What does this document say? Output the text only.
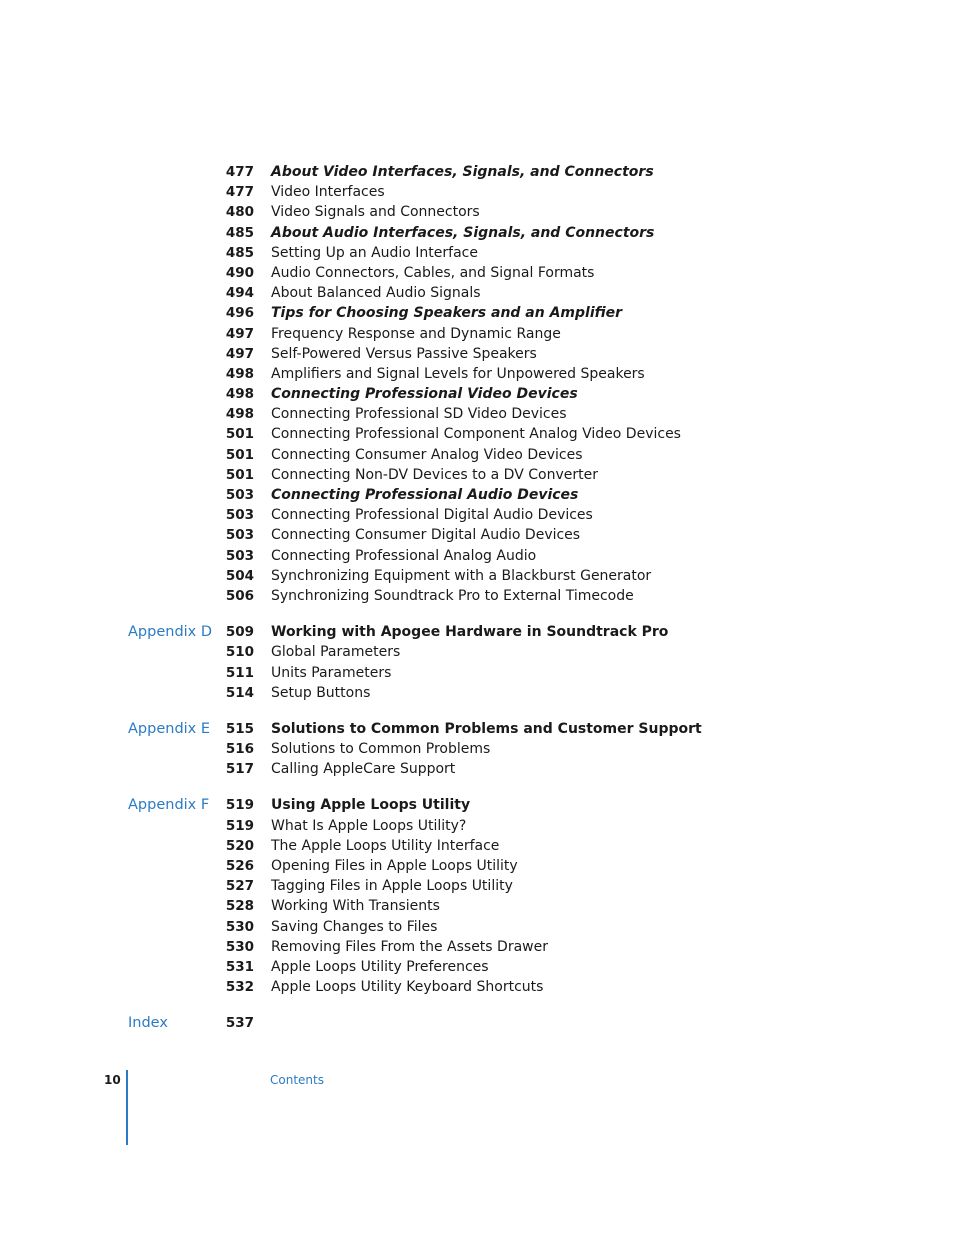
477 About Video Interfaces, Signals, and Connectors
477 Video Interfaces
480 Video Signals and Connectors
485 About Audio Interfaces, Signals, and Connectors
485 Setting Up an Audio Interface
490 Audio Connectors, Cables, and Signal Formats
494 About Balanced Audio Signals
496 Tips for Choosing Speakers and an Amplifier
497 Frequency Response and Dynamic Range
497 Self-Powered Versus Passive Speakers
498 Amplifiers and Signal Levels for Unpowered Speakers
498 Connecting Professional Video Devices
498 Connecting Professional SD Video Devices
501 Connecting Professional Component Analog Video Devices
501 Connecting Consumer Analog Video Devices
501 Connecting Non-DV Devices to a DV Converter
503 Connecting Professional Audio Devices
503 Connecting Professional Digital Audio Devices
503 Connecting Consumer Digital Audio Devices
503 Connecting Professional Analog Audio
504 Synchronizing Equipment with a Blackburst Generator
506 Synchronizing Soundtrack Pro to External Timecode
Appendix D 509 Working with Apogee Hardware in Soundtrack Pro
510 Global Parameters
511 Units Parameters
514 Setup Buttons
Appendix E 515 Solutions to Common Problems and Customer Support
516 Solutions to Common Problems
517 Calling AppleCare Support
Appendix F 519 Using Apple Loops Utility
519 What Is Apple Loops Utility?
520 The Apple Loops Utility Interface
526 Opening Files in Apple Loops Utility
527 Tagging Files in Apple Loops Utility
528 Working With Transients
530 Saving Changes to Files
530 Removing Files From the Assets Drawer
531 Apple Loops Utility Preferences
532 Apple Loops Utility Keyboard Shortcuts
Index	537
10	Contents
